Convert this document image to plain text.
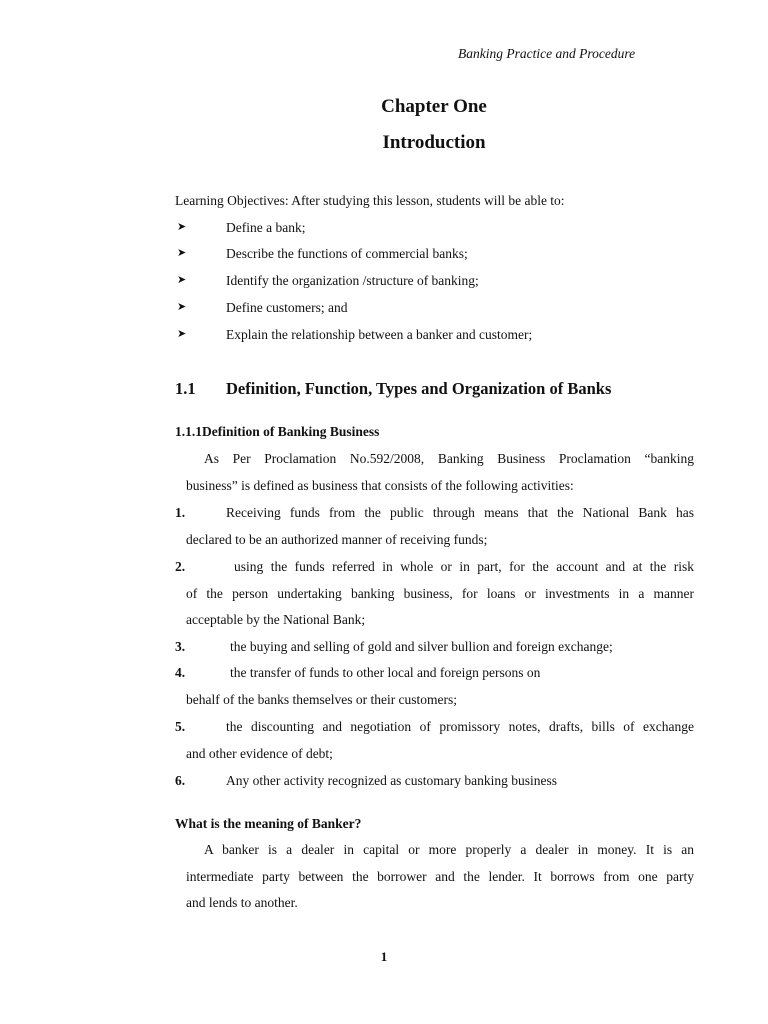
Banking Practice and Procedure
Chapter One
Introduction
Learning Objectives: After studying this lesson, students will be able to:
➤	Define a bank;
➤	Describe the functions of commercial banks;
➤	Identify the organization /structure of banking;
➤	Define customers; and
➤	Explain the relationship between a banker and customer;
1.1 Definition, Function, Types and Organization of Banks
1.1.1Definition of Banking Business
As Per Proclamation No.592/2008, Banking Business Proclamation “banking
business” is defined as business that consists of the following activities:
1.	Receiving funds from the public through means that the National Bank has
declared to be an authorized manner of receiving funds;
2.	using the funds referred in whole or in part, for the account and at the risk
of the person undertaking banking business, for loans or investments in a manner
acceptable by the National Bank;
3.	the buying and selling of gold and silver bullion and foreign exchange;
4.	the transfer of funds to other local and foreign persons on
behalf of the banks themselves or their customers;
5.	the discounting and negotiation of promissory notes, drafts, bills of exchange
and other evidence of debt;
6.	Any other activity recognized as customary banking business
What is the meaning of Banker?
A banker is a dealer in capital or more properly a dealer in money. It is an
intermediate party between the borrower and the lender. It borrows from one party
and lends to another.
1
